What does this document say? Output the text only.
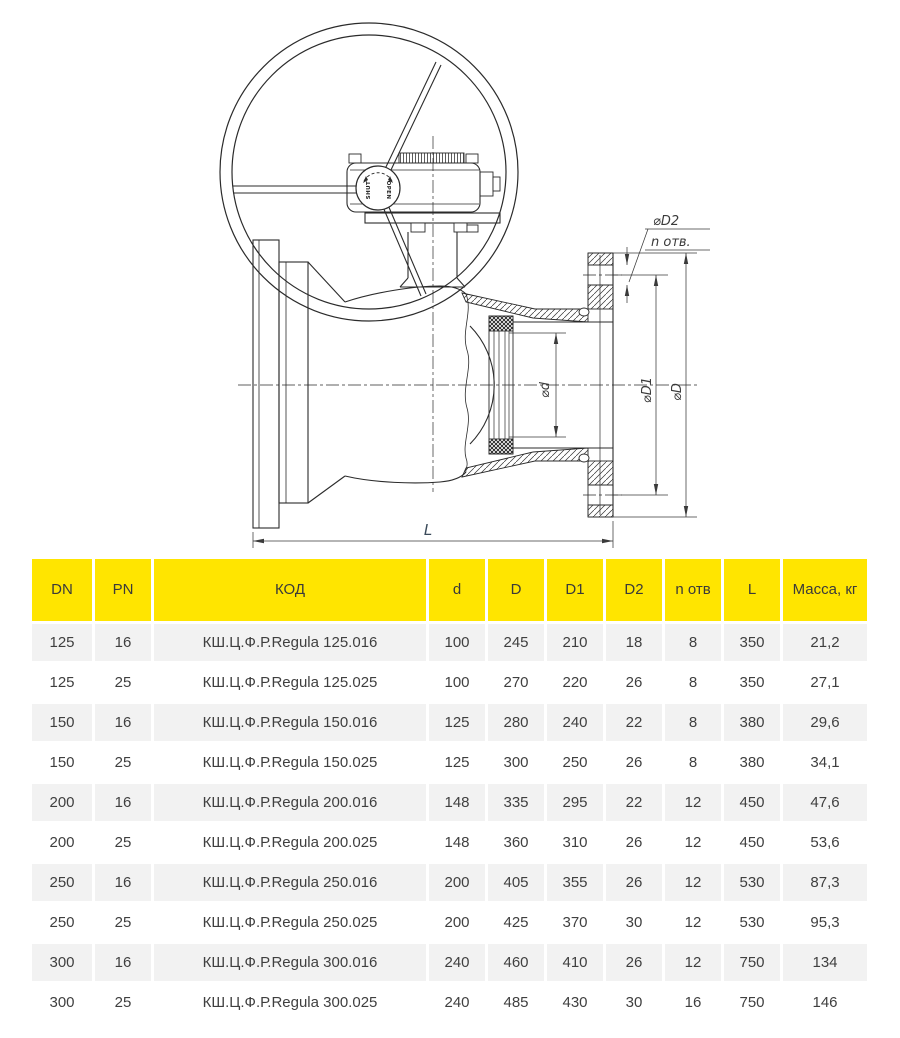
SHUT OPEN
⌀D1 ⌀D
⌀d
⌀D2
n отв.
L
DN	PN	КОД	d	D	D1	D2	n отв	L	Масса, кг
125	16	КШ.Ц.Ф.Р.Regula 125.016	100	245	210	18	8	350	21,2
125	25	КШ.Ц.Ф.Р.Regula 125.025	100	270	220	26	8	350	27,1
150	16	КШ.Ц.Ф.Р.Regula 150.016	125	280	240	22	8	380	29,6
150	25	КШ.Ц.Ф.Р.Regula 150.025	125	300	250	26	8	380	34,1
200	16	КШ.Ц.Ф.Р.Regula 200.016	148	335	295	22	12	450	47,6
200	25	КШ.Ц.Ф.Р.Regula 200.025	148	360	310	26	12	450	53,6
250	16	КШ.Ц.Ф.Р.Regula 250.016	200	405	355	26	12	530	87,3
250	25	КШ.Ц.Ф.Р.Regula 250.025	200	425	370	30	12	530	95,3
300	16	КШ.Ц.Ф.Р.Regula 300.016	240	460	410	26	12	750	134
300	25	КШ.Ц.Ф.Р.Regula 300.025	240	485	430	30	16	750	146
